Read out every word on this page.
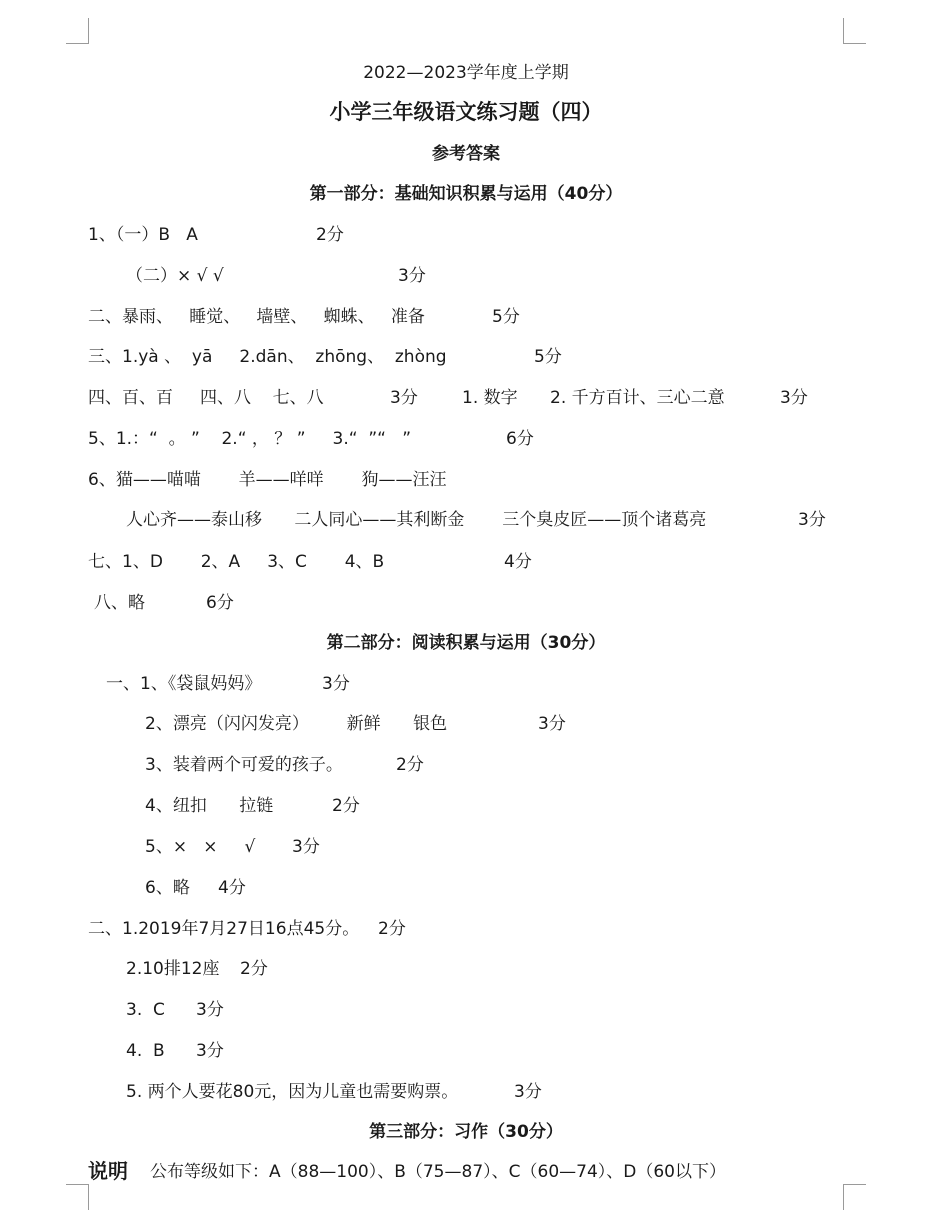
2022—2023学年度上学期
小学三年级语文练习题（四）
参考答案
第一部分：基础知识积累与运用（40分）
1、（一）B   A	2分
（二）× √ √	3分
二、暴雨、   睡觉、   墙壁、   蜘蛛、   准备	5分
三、1.yà 、  yā     2.dān、  zhōng、  zhòng	5分
四、百、百     四、八    七、八	3分	1. 数字      2. 千方百计、三心二意	3分
5、1.：“  。 ”    2.“ ， ？ ”     3.“  ”“   ”	6分
6、猫——喵喵       羊——咩咩       狗——汪汪
人心齐——泰山移      二人同心——其利断金       三个臭皮匠——顶个诸葛亮	3分
七、1、D       2、A     3、C       4、B	4分
八、略	6分
第二部分：阅读积累与运用（30分）
一、1、《袋鼠妈妈》	3分
2、漂亮（闪闪发亮）       新鲜      银色	3分
3、装着两个可爱的孩子。	2分
4、纽扣      拉链	2分
5、×   ×     √ 3分
6、略 4分
二、1.2019年7月27日16点45分。 2分
2.10排12座 2分
3.  C 3分
4.  B 3分
5. 两个人要花80元，因为儿童也需要购票。	3分
第三部分：习作（30分）
说明 公布等级如下：A（88—100）、B（75—87）、C（60—74）、D（60以下）
